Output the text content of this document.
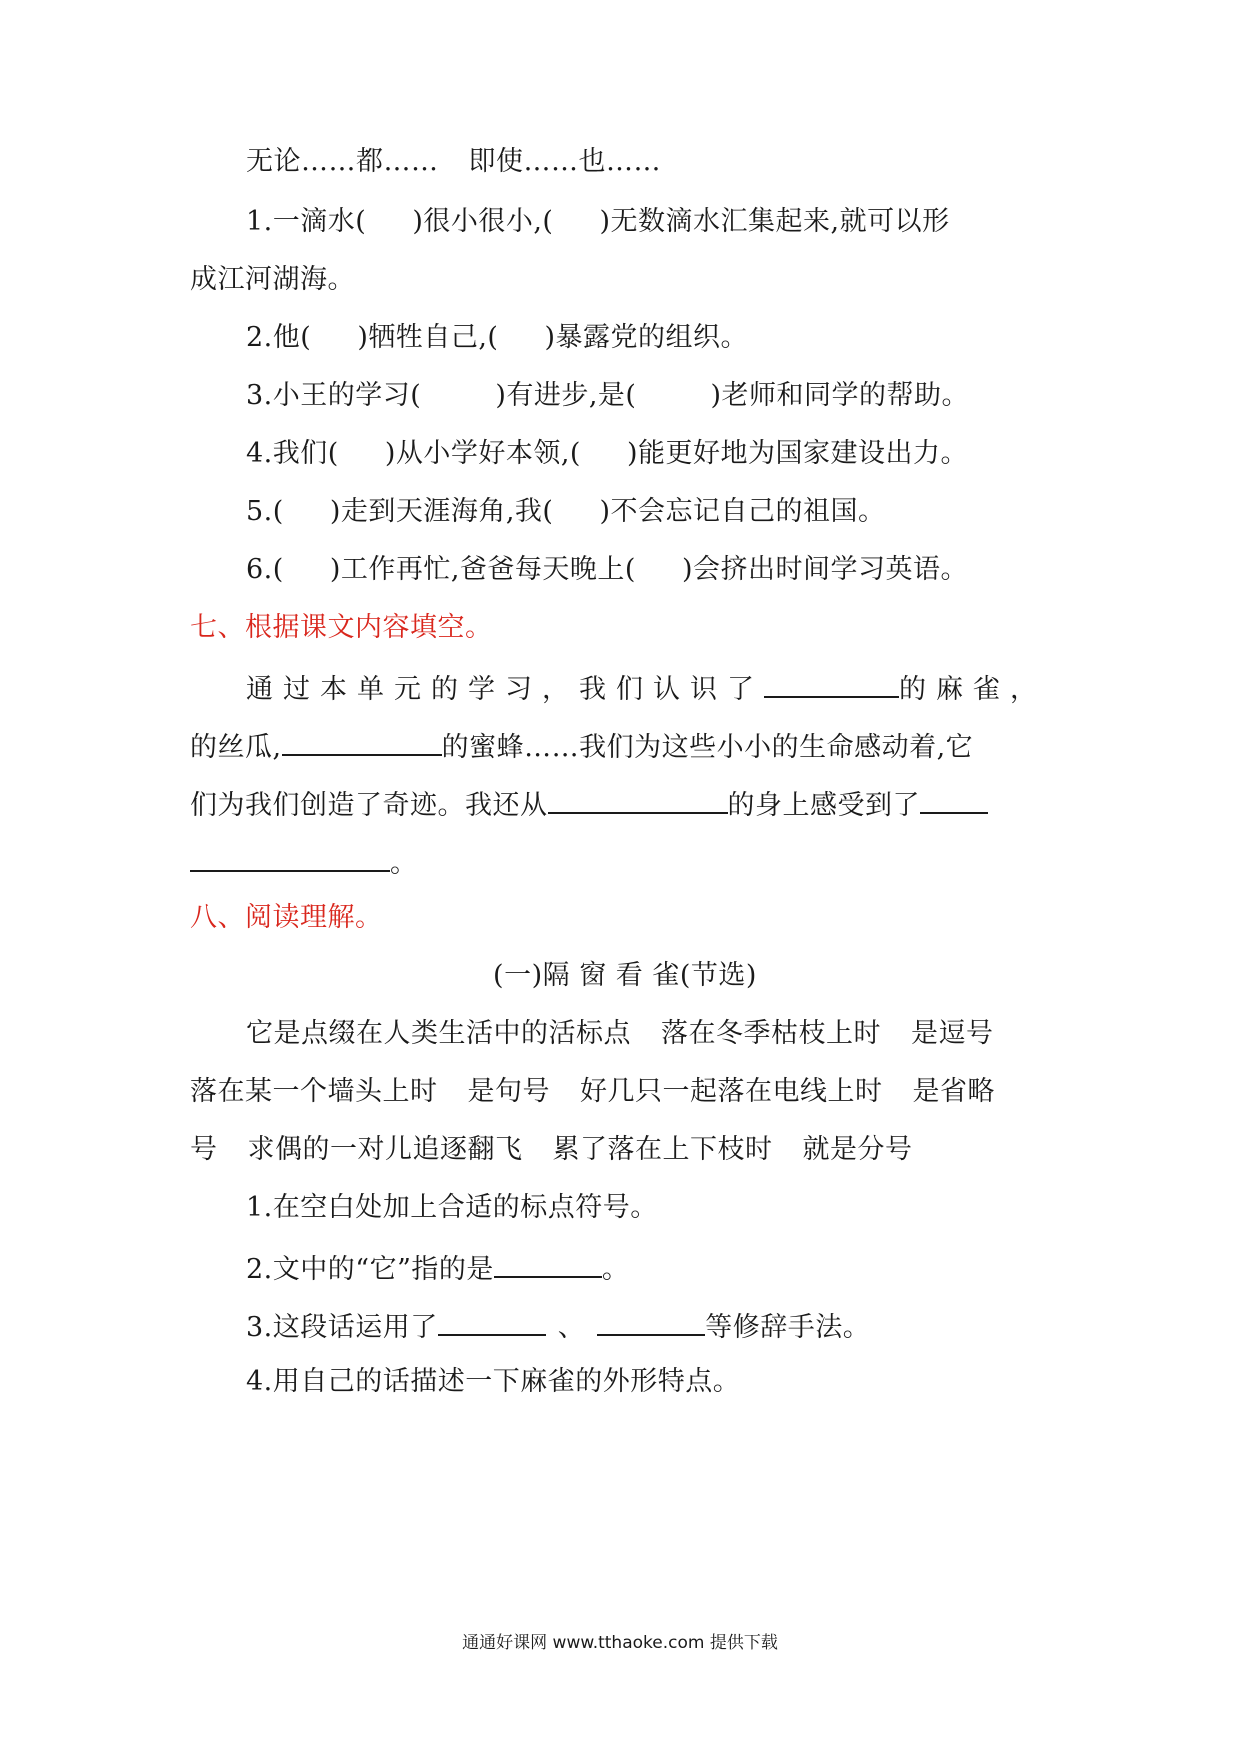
无论……都…… 即使……也……
1.一滴水( )很小很小,( )无数滴水汇集起来,就可以形
成江河湖海。
2.他( )牺牲自己,( )暴露党的组织。
3.小王的学习(	)有进步,是(	)老师和同学的帮助。
4.我们( )从小学好本领,( )能更好地为国家建设出力。
5.( )走到天涯海角,我( )不会忘记自己的祖国。
6.( )工作再忙,爸爸每天晚上( )会挤出时间学习英语。
七、根据课文内容填空。
通过本单元的学习，我们认识了	的麻雀，
的丝瓜,	的蜜蜂……我们为这些小小的生命感动着,它
们为我们创造了奇迹。我还从	的身上感受到了
。
八、阅读理解。
(一)隔 窗 看 雀(节选)
它是点缀在人类生活中的活标点 落在冬季枯枝上时 是逗号
落在某一个墙头上时 是句号 好几只一起落在电线上时 是省略
号 求偶的一对儿追逐翻飞 累了落在上下枝时 就是分号
1.在空白处加上合适的标点符号。
2.文中的“它”指的是	。
3.这段话运用了	、	等修辞手法。
4.用自己的话描述一下麻雀的外形特点。
通通好课网 www.tthaoke.com 提供下载
